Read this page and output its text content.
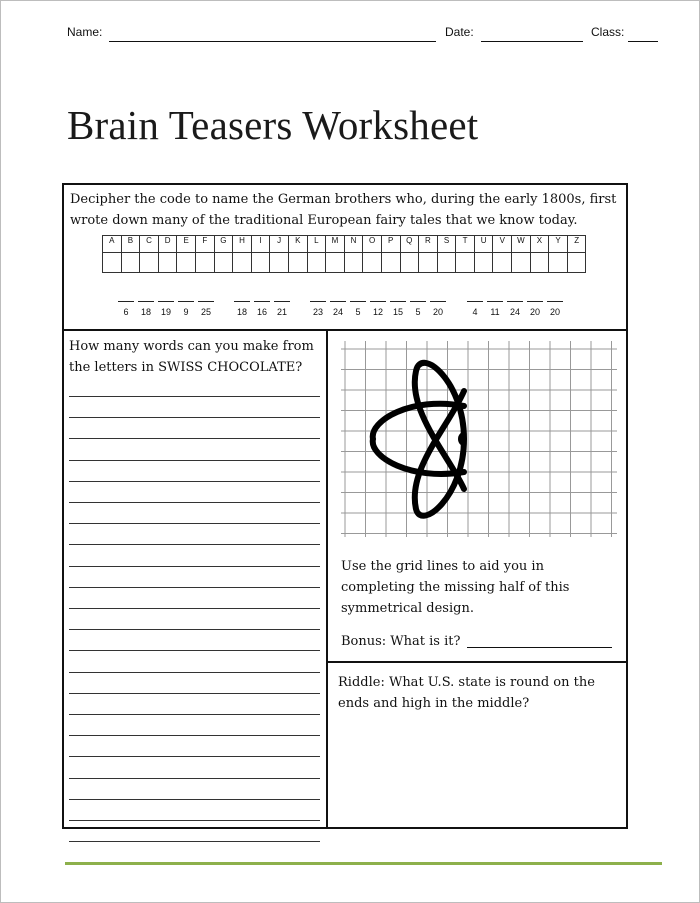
Name:	Date:	Class:
Brain Teasers Worksheet
Decipher the code to name the German brothers who, during the early 1800s, first
wrote down many of the traditional European fairy tales that we know today.
A	B	C	D	E	F	G	H	I	J	K	L	M	N	O	P	Q	R	S	T	U	V	W	X	Y	Z

6	18	19	9	25	18	16	21	23	24	5	12	15	5	20	4	11	24	20	20
How many words can you make from
the letters in SWISS CHOCOLATE?
Use the grid lines to aid you in
completing the missing half of this
symmetrical design.
Bonus: What is it?
Riddle: What U.S. state is round on the
ends and high in the middle?
